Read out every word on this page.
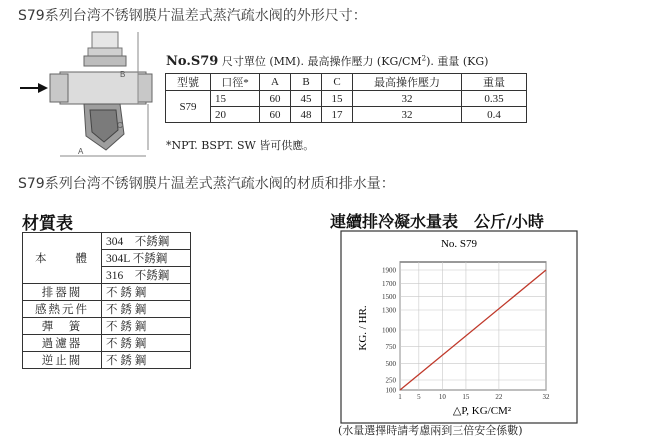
S79系列台湾不锈钢膜片温差式蒸汽疏水阀的外形尺寸：
B
A
C
No.S79 尺寸單位 (MM). 最高操作壓力 $(KG/CM^2)$. 重量 (KG)
型號	口徑*	A	B	C	最高操作壓力	重量
S79	15	60	45	15	32	0.35
	20	60	48	17	32	0.4
*NPT. BSPT. SW 皆可供應。
S79系列台湾不锈钢膜片温差式蒸汽疏水阀的材质和排水量：
材質表
本　　體	304　不銹鋼
	304L 不銹鋼
	316　不銹鋼
排器閥	不 銹 鋼
感熱元件	不 銹 鋼
彈　簧	不 銹 鋼
過濾器	不 銹 鋼
逆止閥	不 銹 鋼
連續排冷凝水量表　公斤/小時
No. S79
100
250
500
750
1000
1300
1500
1700
1900
1 5	10 15	22	32
△P, KG/CM²
KG. / HR.
(水量選擇時請考慮兩到三倍安全係數)
